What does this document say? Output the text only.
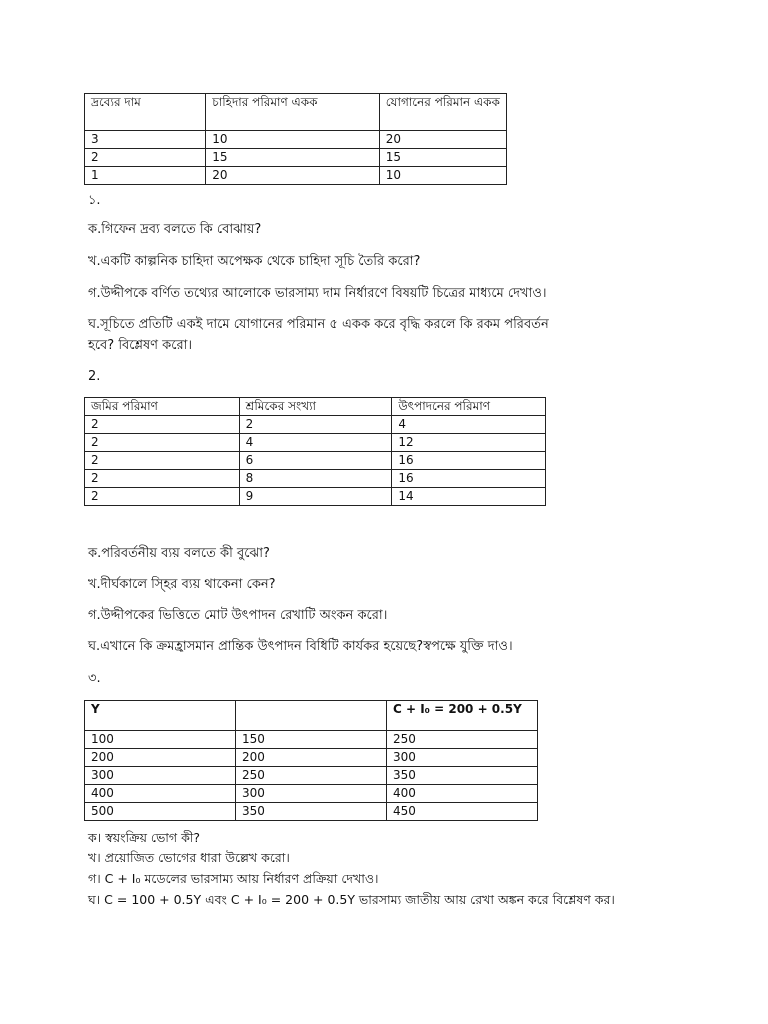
দ্রব্যের দাম	চাহিদার পরিমাণ একক	যোগানের পরিমান একক
3	10	20
2	15	15
1	20	10
১.
ক.গিফেন দ্রব্য বলতে কি বোঝায়?
খ.একটি কাল্পনিক চাহিদা অপেক্ষক থেকে চাহিদা সূচি তৈরি করো?
গ.উদ্দীপকে বর্ণিত তথ্যের আলোকে ভারসাম্য দাম নির্ধারণে বিষয়টি চিত্রের মাধ্যমে দেখাও।
ঘ.সূচিতে প্রতিটি একই দামে যোগানের পরিমান ৫ একক করে বৃদ্ধি করলে কি রকম পরিবর্তন
হবে? বিশ্লেষণ করো।
2.
জমির পরিমাণ	শ্রমিকের সংখ্যা	উৎপাদনের পরিমাণ
2	2	4
2	4	12
2	6	16
2	8	16
2	9	14
ক.পরিবর্তনীয় ব্যয় বলতে কী বুঝো?
খ.দীর্ঘকালে স্হির ব্যয় থাকেনা কেন?
গ.উদ্দীপকের ভিত্তিতে মোট উৎপাদন রেখাটি অংকন করো।
ঘ.এখানে কি ক্রমহ্রাসমান প্রান্তিক উৎপাদন বিধিটি কার্যকর হয়েছে?স্বপক্ষে যুক্তি দাও।
৩.
Y		C + I₀ = 200 + 0.5Y
100	150	250
200	200	300
300	250	350
400	300	400
500	350	450
ক। স্বয়ংক্রিয় ভোগ কী?
খ। প্রয়োজিত ভোগের ধারা উল্লেখ করো।
গ। C + I₀ মডেলের ভারসাম্য আয় নির্ধারণ প্রক্রিয়া দেখাও।
ঘ। C = 100 + 0.5Y এবং C + I₀ = 200 + 0.5Y ভারসাম্য জাতীয় আয় রেখা অঙ্কন করে বিশ্লেষণ কর।
